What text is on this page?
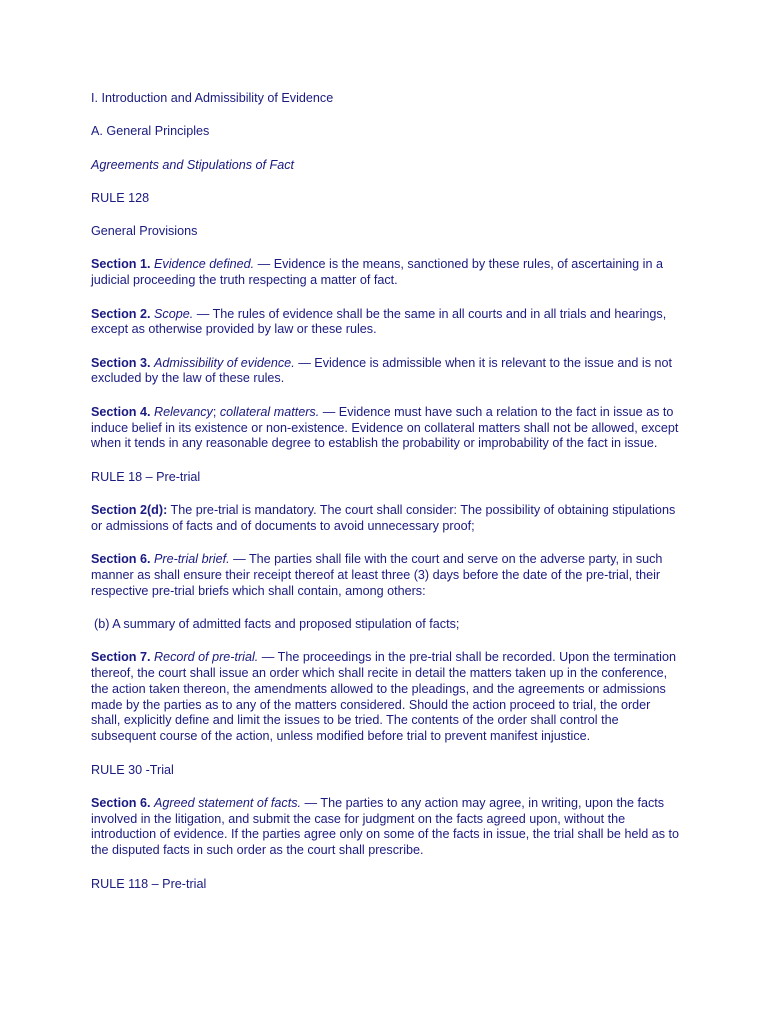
I. Introduction and Admissibility of Evidence

A. General Principles

Agreements and Stipulations of Fact

RULE 128

General Provisions

Section 1. Evidence defined. — Evidence is the means, sanctioned by these rules, of ascertaining in a judicial proceeding the truth respecting a matter of fact.

Section 2. Scope. — The rules of evidence shall be the same in all courts and in all trials and hearings, except as otherwise provided by law or these rules.

Section 3. Admissibility of evidence. — Evidence is admissible when it is relevant to the issue and is not excluded by the law of these rules.

Section 4. Relevancy; collateral matters. — Evidence must have such a relation to the fact in issue as to induce belief in its existence or non-existence. Evidence on collateral matters shall not be allowed, except when it tends in any reasonable degree to establish the probability or improbability of the fact in issue.

RULE 18 – Pre-trial

Section 2(d): The pre-trial is mandatory. The court shall consider: The possibility of obtaining stipulations or admissions of facts and of documents to avoid unnecessary proof;

Section 6. Pre-trial brief. — The parties shall file with the court and serve on the adverse party, in such manner as shall ensure their receipt thereof at least three (3) days before the date of the pre-trial, their respective pre-trial briefs which shall contain, among others:

(b) A summary of admitted facts and proposed stipulation of facts;

Section 7. Record of pre-trial. — The proceedings in the pre-trial shall be recorded. Upon the termination thereof, the court shall issue an order which shall recite in detail the matters taken up in the conference, the action taken thereon, the amendments allowed to the pleadings, and the agreements or admissions made by the parties as to any of the matters considered. Should the action proceed to trial, the order shall, explicitly define and limit the issues to be tried. The contents of the order shall control the subsequent course of the action, unless modified before trial to prevent manifest injustice.

RULE 30 -Trial

Section 6. Agreed statement of facts. — The parties to any action may agree, in writing, upon the facts involved in the litigation, and submit the case for judgment on the facts agreed upon, without the introduction of evidence. If the parties agree only on some of the facts in issue, the trial shall be held as to the disputed facts in such order as the court shall prescribe.

RULE 118 – Pre-trial
